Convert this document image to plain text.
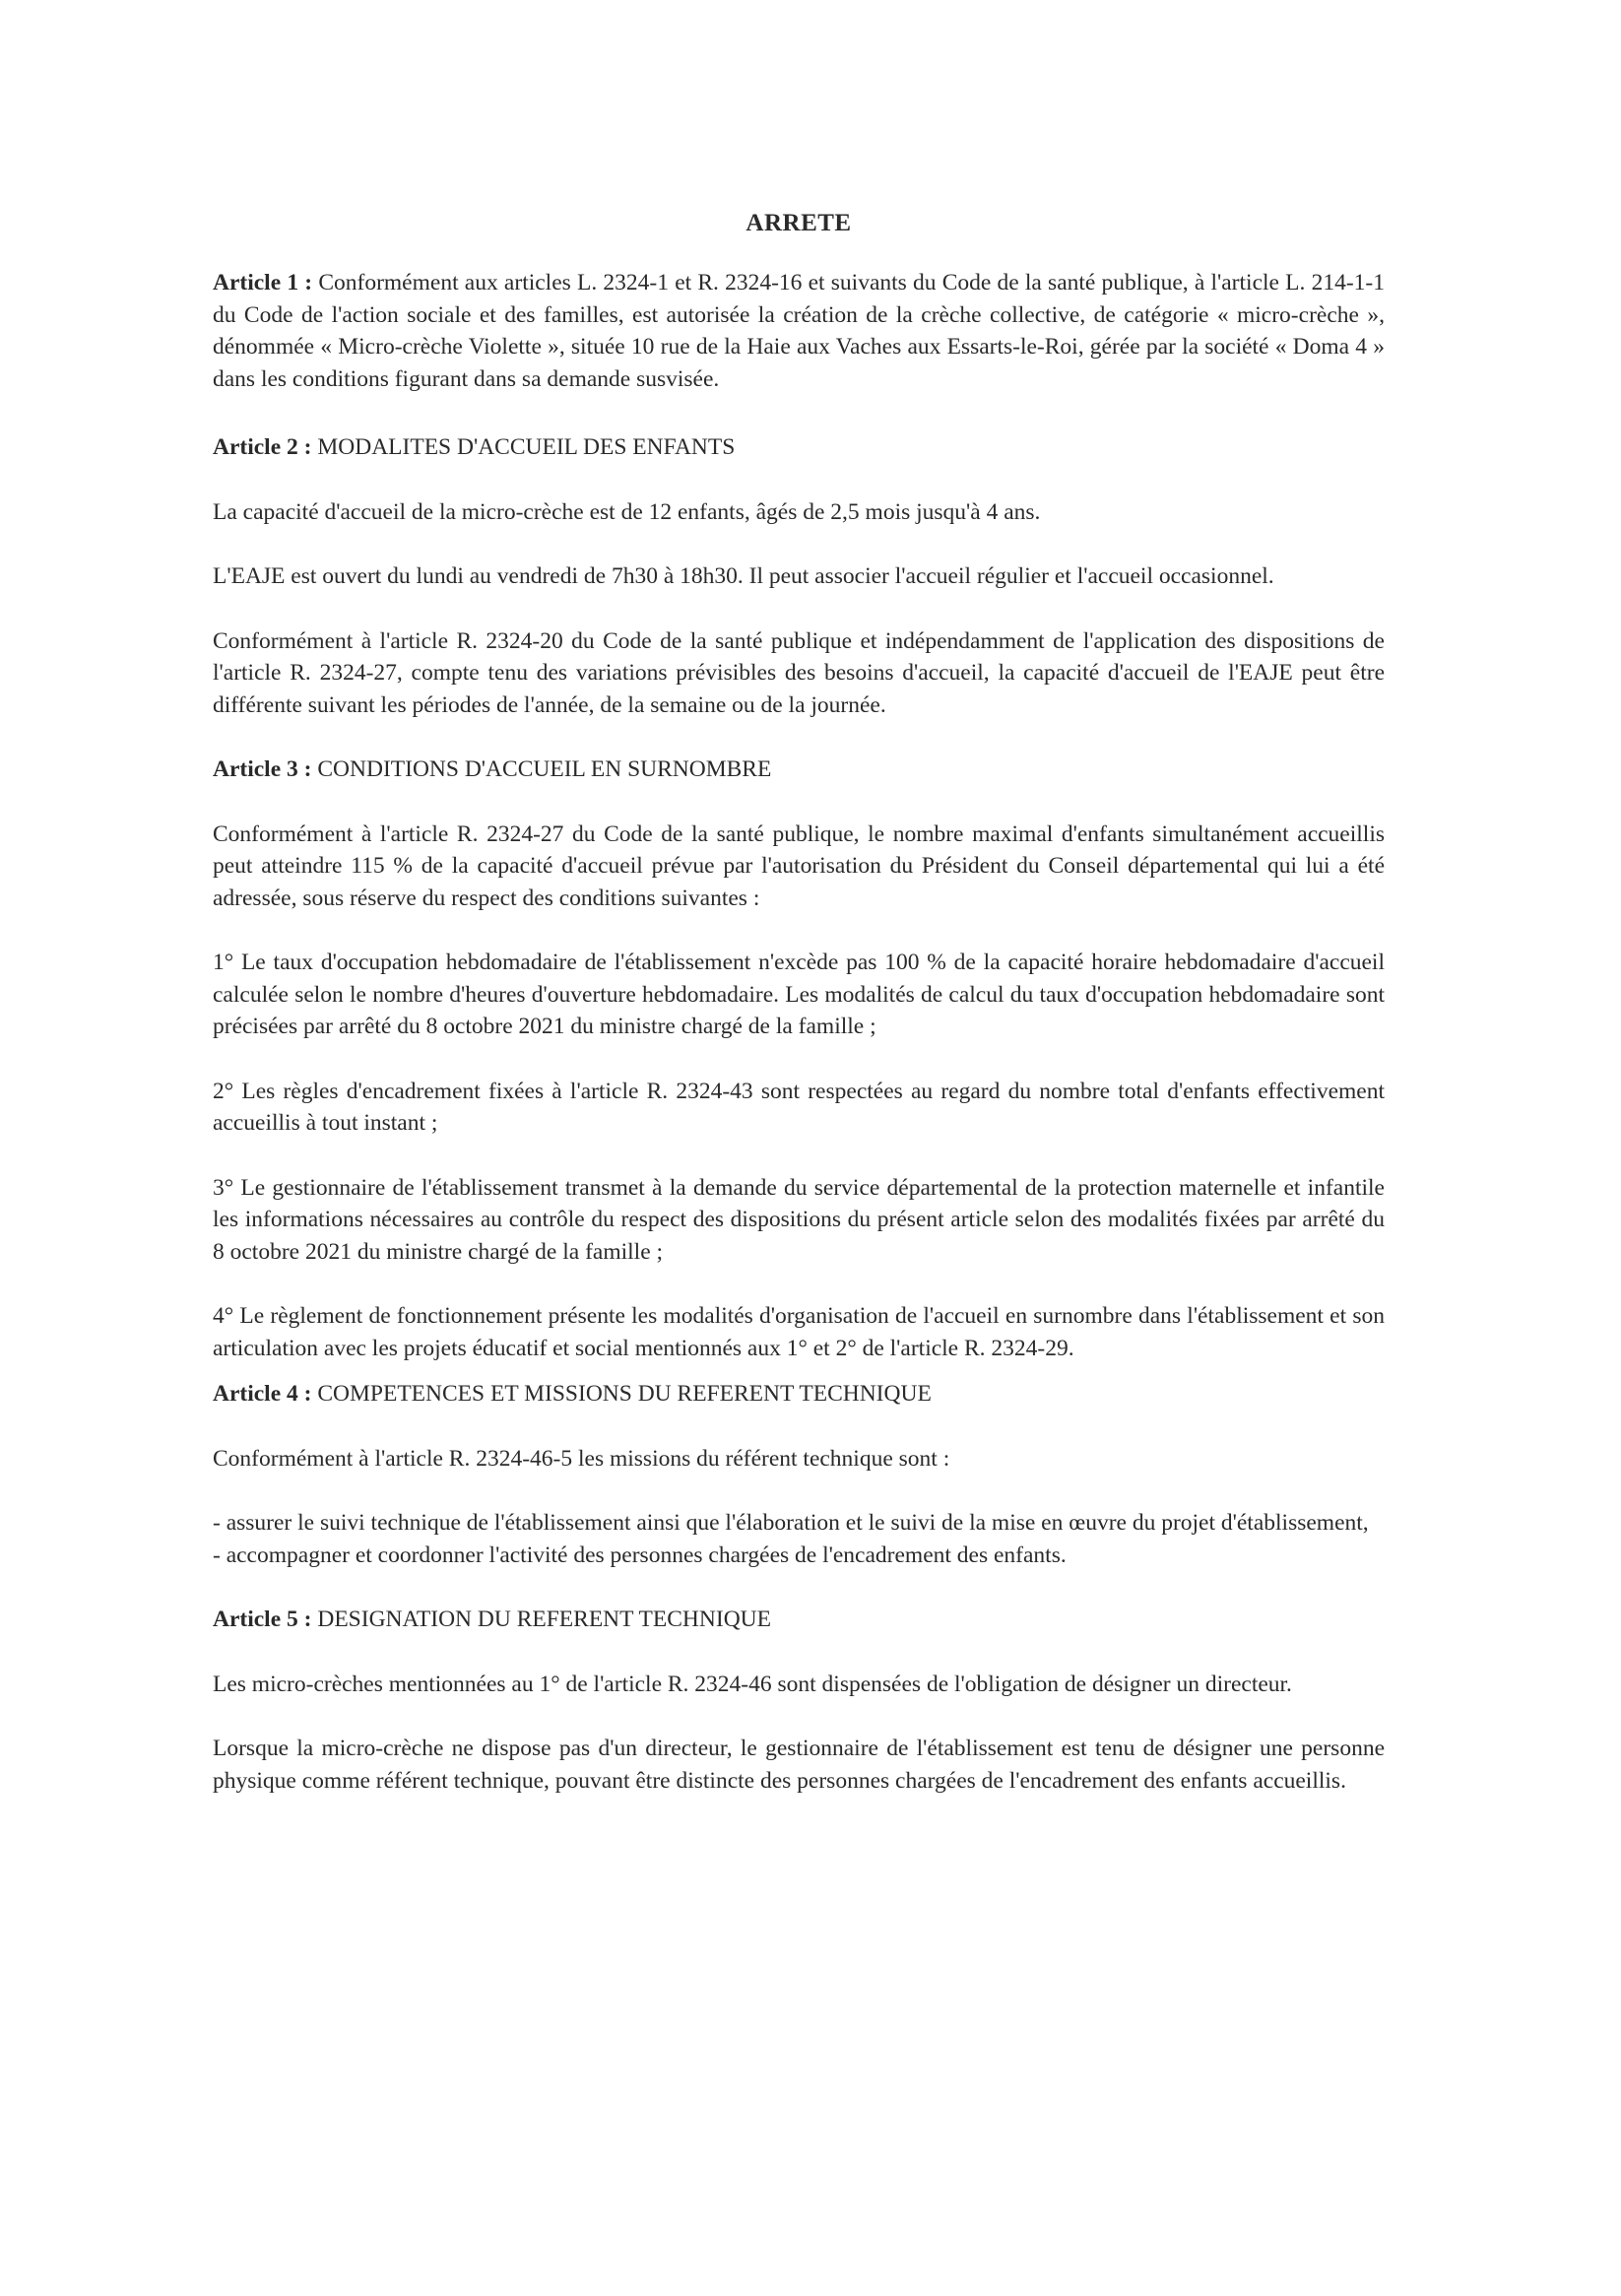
ARRETE

Article 1 : Conformément aux articles L. 2324-1 et R. 2324-16 et suivants du Code de la santé publique, à l'article L. 214-1-1 du Code de l'action sociale et des familles, est autorisée la création de la crèche collective, de catégorie « micro-crèche », dénommée « Micro-crèche Violette », située 10 rue de la Haie aux Vaches aux Essarts-le-Roi, gérée par la société « Doma 4 » dans les conditions figurant dans sa demande susvisée.

Article 2 : MODALITES D'ACCUEIL DES ENFANTS

La capacité d'accueil de la micro-crèche est de 12 enfants, âgés de 2,5 mois jusqu'à 4 ans.

L'EAJE est ouvert du lundi au vendredi de 7h30 à 18h30. Il peut associer l'accueil régulier et l'accueil occasionnel.

Conformément à l'article R. 2324-20 du Code de la santé publique et indépendamment de l'application des dispositions de l'article R. 2324-27, compte tenu des variations prévisibles des besoins d'accueil, la capacité d'accueil de l'EAJE peut être différente suivant les périodes de l'année, de la semaine ou de la journée.

Article 3 : CONDITIONS D'ACCUEIL EN SURNOMBRE

Conformément à l'article R. 2324-27 du Code de la santé publique, le nombre maximal d'enfants simultanément accueillis peut atteindre 115 % de la capacité d'accueil prévue par l'autorisation du Président du Conseil départemental qui lui a été adressée, sous réserve du respect des conditions suivantes :

1° Le taux d'occupation hebdomadaire de l'établissement n'excède pas 100 % de la capacité horaire hebdomadaire d'accueil calculée selon le nombre d'heures d'ouverture hebdomadaire. Les modalités de calcul du taux d'occupation hebdomadaire sont précisées par arrêté du 8 octobre 2021 du ministre chargé de la famille ;

2° Les règles d'encadrement fixées à l'article R. 2324-43 sont respectées au regard du nombre total d'enfants effectivement accueillis à tout instant ;

3° Le gestionnaire de l'établissement transmet à la demande du service départemental de la protection maternelle et infantile les informations nécessaires au contrôle du respect des dispositions du présent article selon des modalités fixées par arrêté du 8 octobre 2021 du ministre chargé de la famille ;

4° Le règlement de fonctionnement présente les modalités d'organisation de l'accueil en surnombre dans l'établissement et son articulation avec les projets éducatif et social mentionnés aux 1° et 2° de l'article R. 2324-29.

Article 4 : COMPETENCES ET MISSIONS DU REFERENT TECHNIQUE

Conformément à l'article R. 2324-46-5 les missions du référent technique sont :

- assurer le suivi technique de l'établissement ainsi que l'élaboration et le suivi de la mise en œuvre du projet d'établissement,

- accompagner et coordonner l'activité des personnes chargées de l'encadrement des enfants.

Article 5 : DESIGNATION DU REFERENT TECHNIQUE

Les micro-crèches mentionnées au 1° de l'article R. 2324-46 sont dispensées de l'obligation de désigner un directeur.

Lorsque la micro-crèche ne dispose pas d'un directeur, le gestionnaire de l'établissement est tenu de désigner une personne physique comme référent technique, pouvant être distincte des personnes chargées de l'encadrement des enfants accueillis.
